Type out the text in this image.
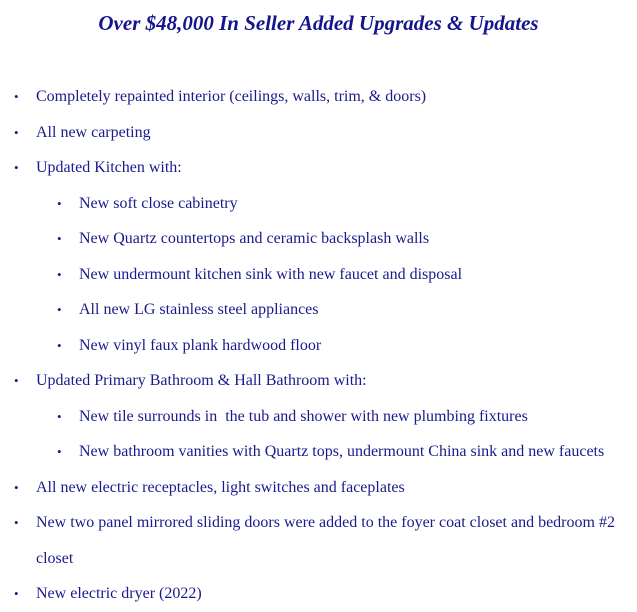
Over $48,000 In Seller Added Upgrades & Updates
• Completely repainted interior (ceilings, walls, trim, & doors)
• All new carpeting
• Updated Kitchen with:
• New soft close cabinetry
• New Quartz countertops and ceramic backsplash walls
• New undermount kitchen sink with new faucet and disposal
• All new LG stainless steel appliances
• New vinyl faux plank hardwood floor
• Updated Primary Bathroom & Hall Bathroom with:
• New tile surrounds in  the tub and shower with new plumbing fixtures
• New bathroom vanities with Quartz tops, undermount China sink and new faucets
• All new electric receptacles, light switches and faceplates
• New two panel mirrored sliding doors were added to the foyer coat closet and bedroom #2 closet
• New electric dryer (2022)
